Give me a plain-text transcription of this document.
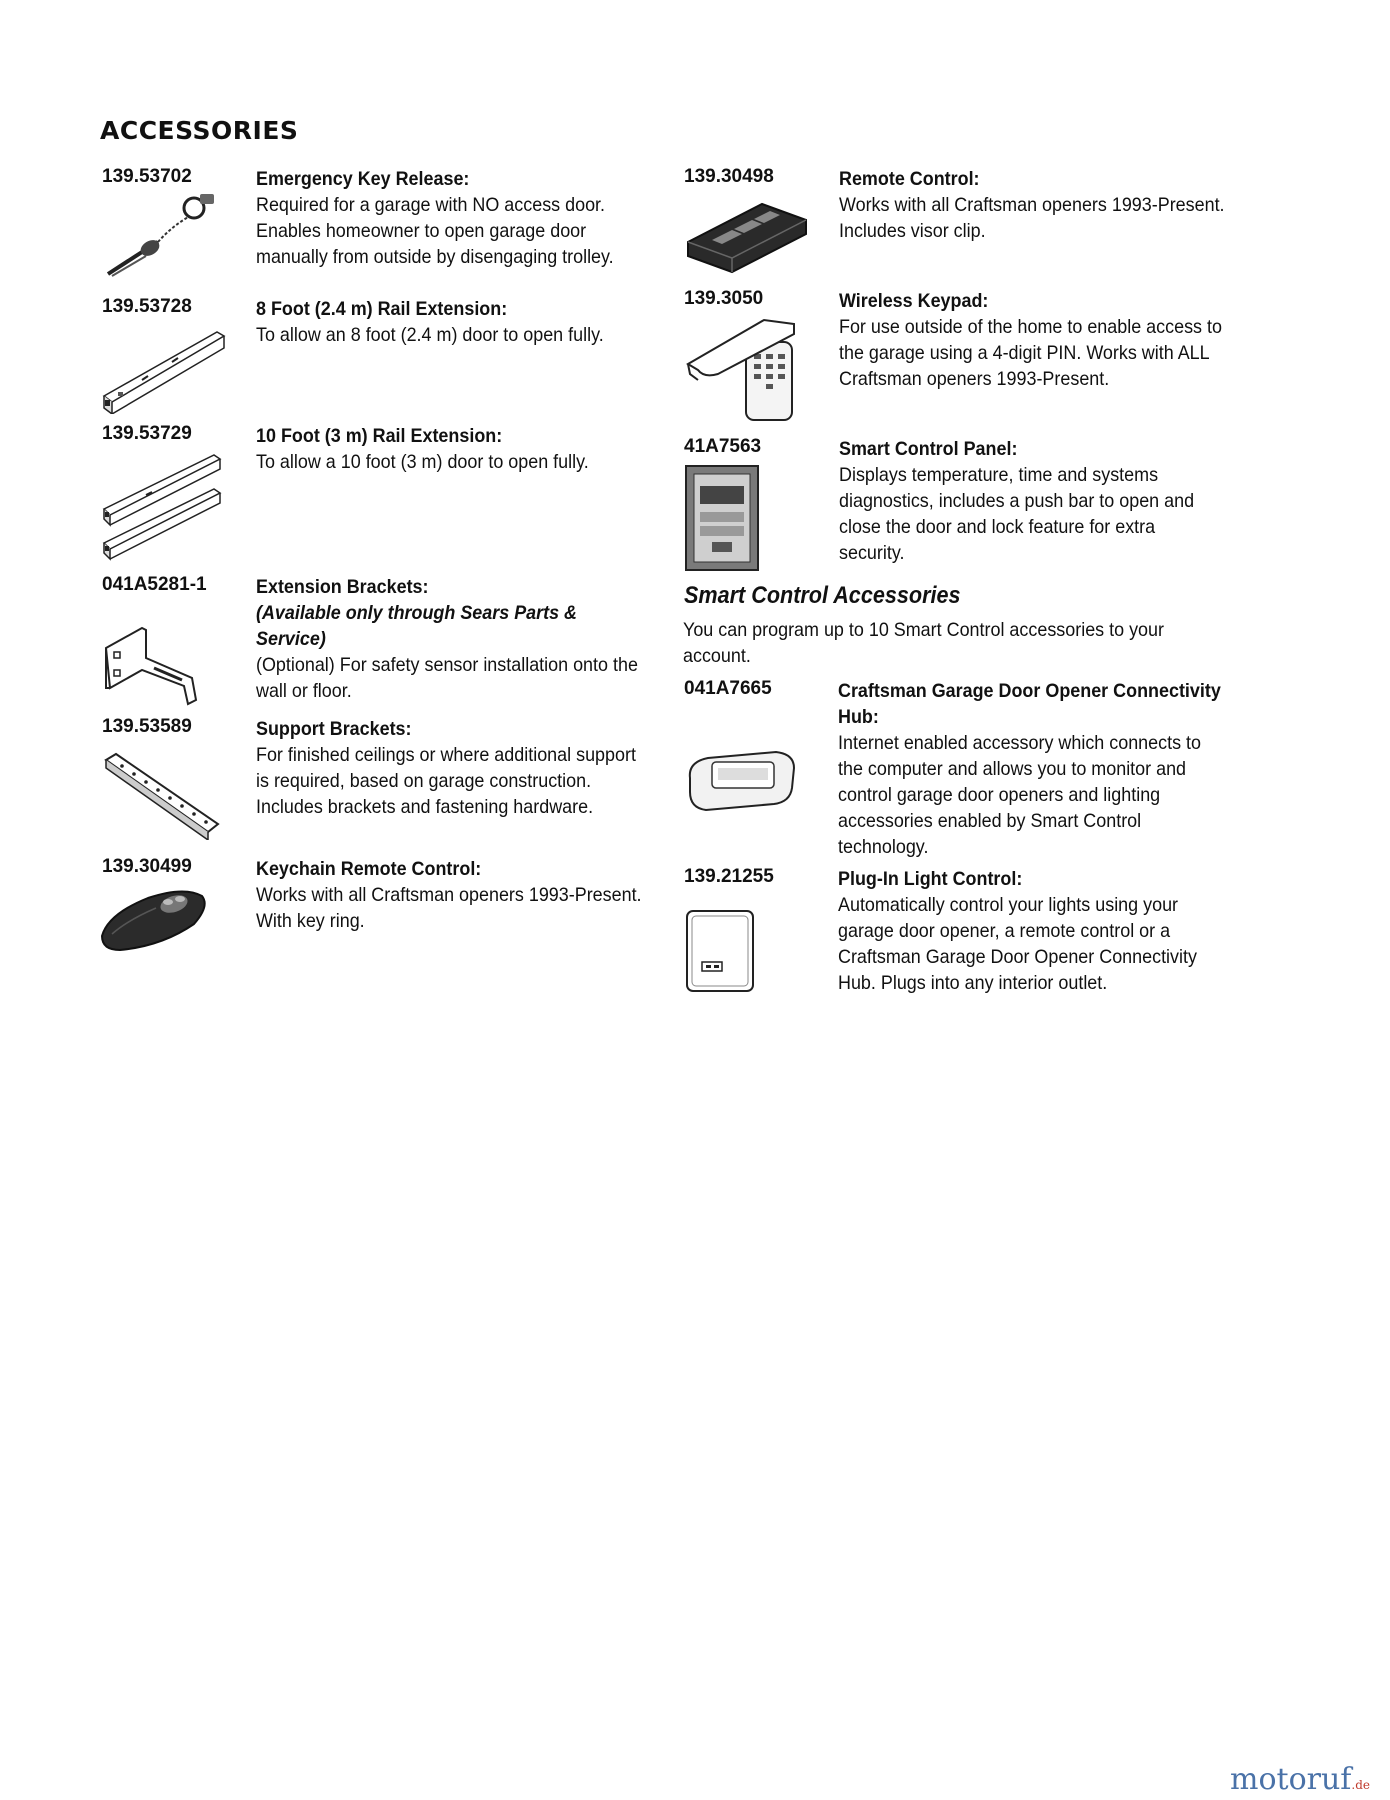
ACCESSORIES
139.53702	Emergency Key Release:
Required for a garage with NO access door. Enables homeowner to open garage door manually from outside by disengaging trolley.
139.53728	8 Foot (2.4 m) Rail Extension:
To allow an 8 foot (2.4 m) door to open fully.
139.53729	10 Foot (3 m) Rail Extension:
To allow a 10 foot (3 m) door to open fully.
041A5281-1	Extension Brackets:
(Available only through Sears Parts & Service)
(Optional) For safety sensor installation onto the wall or floor.
139.53589	Support Brackets:
For finished ceilings or where additional support is required, based on garage construction. Includes brackets and fastening hardware.
139.30499	Keychain Remote Control:
Works with all Craftsman openers 1993-Present. With key ring.
139.30498	Remote Control:
Works with all Craftsman openers 1993-Present. Includes visor clip.
139.3050	Wireless Keypad:
For use outside of the home to enable access to the garage using a 4-digit PIN. Works with ALL Craftsman openers 1993-Present.
41A7563	Smart Control Panel:
Displays temperature, time and systems diagnostics, includes a push bar to open and close the door and lock feature for extra security.
Smart Control Accessories
You can program up to 10 Smart Control accessories to your account.
041A7665	Craftsman Garage Door Opener Connectivity Hub:
Internet enabled accessory which connects to the computer and allows you to monitor and control garage door openers and lighting accessories enabled by Smart Control technology.
139.21255	Plug-In Light Control:
Automatically control your lights using your garage door opener, a remote control or a Craftsman Garage Door Opener Connectivity Hub. Plugs into any interior outlet.
motoruf.de
